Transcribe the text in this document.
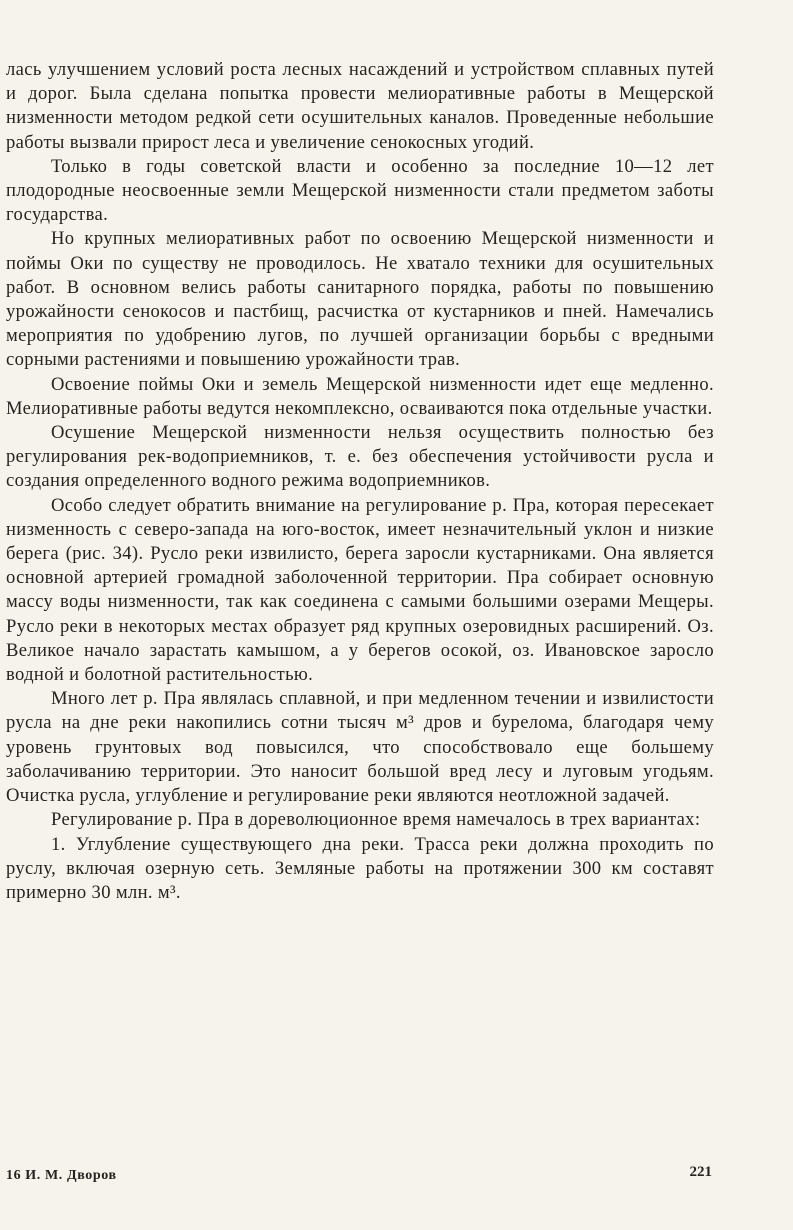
лась улучшением условий роста лесных насаждений и устройством сплавных путей и дорог. Была сделана попытка провести мелиоративные работы в Мещерской низменности методом редкой сети осушительных каналов. Проведенные небольшие работы вызвали прирост леса и увеличение сенокосных угодий.

Только в годы советской власти и особенно за последние 10—12 лет плодородные неосвоенные земли Мещерской низменности стали предметом заботы государства.

Но крупных мелиоративных работ по освоению Мещерской низменности и поймы Оки по существу не проводилось. Не хватало техники для осушительных работ. В основном велись работы санитарного порядка, работы по повышению урожайности сенокосов и пастбищ, расчистка от кустарников и пней. Намечались мероприятия по удобрению лугов, по лучшей организации борьбы с вредными сорными растениями и повышению урожайности трав.

Освоение поймы Оки и земель Мещерской низменности идет еще медленно. Мелиоративные работы ведутся некомплексно, осваиваются пока отдельные участки.

Осушение Мещерской низменности нельзя осуществить полностью без регулирования рек-водоприемников, т. е. без обеспечения устойчивости русла и создания определенного водного режима водоприемников.

Особо следует обратить внимание на регулирование р. Пра, которая пересекает низменность с северо-запада на юго-восток, имеет незначительный уклон и низкие берега (рис. 34). Русло реки извилисто, берега заросли кустарниками. Она является основной артерией громадной заболоченной территории. Пра собирает основную массу воды низменности, так как соединена с самыми большими озерами Мещеры. Русло реки в некоторых местах образует ряд крупных озеровидных расширений. Оз. Великое начало зарастать камышом, а у берегов осокой, оз. Ивановское заросло водной и болотной растительностью.

Много лет р. Пра являлась сплавной, и при медленном течении и извилистости русла на дне реки накопились сотни тысяч м³ дров и бурелома, благодаря чему уровень грунтовых вод повысился, что способствовало еще большему заболачиванию территории. Это наносит большой вред лесу и луговым угодьям. Очистка русла, углубление и регулирование реки являются неотложной задачей.

Регулирование р. Пра в дореволюционное время намечалось в трех вариантах:

1. Углубление существующего дна реки. Трасса реки должна проходить по руслу, включая озерную сеть. Земляные работы на протяжении 300 км составят примерно 30 млн. м³.

16 И. М. Дворов	221
